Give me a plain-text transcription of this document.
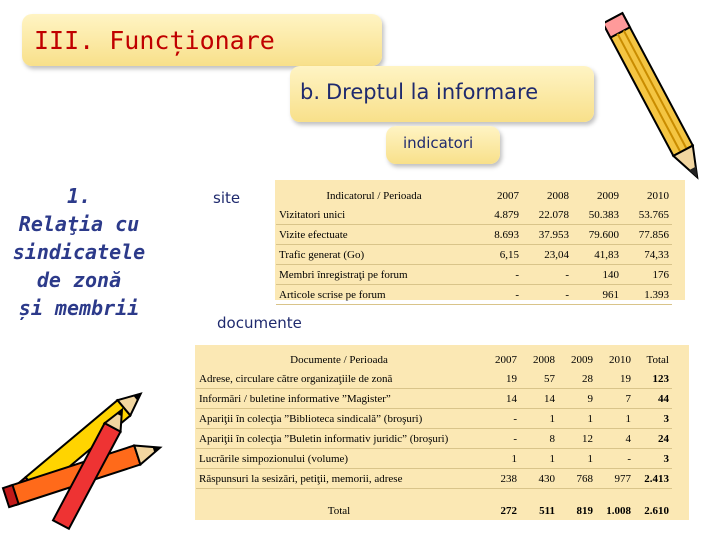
III. Funcționare
b. Dreptul la informare
indicatori
1.
Relaţia cu
sindicatele
de zonă
și membrii
site
documente
Indicatorul / Perioada	2007	2008	2009	2010
Vizitatori unici	4.879	22.078	50.383	53.765
Vizite efectuate	8.693	37.953	79.600	77.856
Trafic generat (Go)	6,15	23,04	41,83	74,33
Membri înregistraţi pe forum	-	-	140	176
Articole scrise pe forum	-	-	961	1.393
Documente / Perioada	2007	2008	2009	2010	Total
Adrese, circulare către organizaţiile de zonă	19	57	28	19	123
Informări / buletine informative ”Magister”	14	14	9	7	44
Apariţii în colecţia ”Biblioteca sindicală” (broşuri)	-	1	1	1	3
Apariţii în colecţia ”Buletin informativ juridic” (broşuri)	-	8	12	4	24
Lucrările simpozionului (volume)	1	1	1	-	3
Răspunsuri la sesizări, petiţii, memorii, adrese	238	430	768	977	2.413
Total	272	511	819	1.008	2.610
